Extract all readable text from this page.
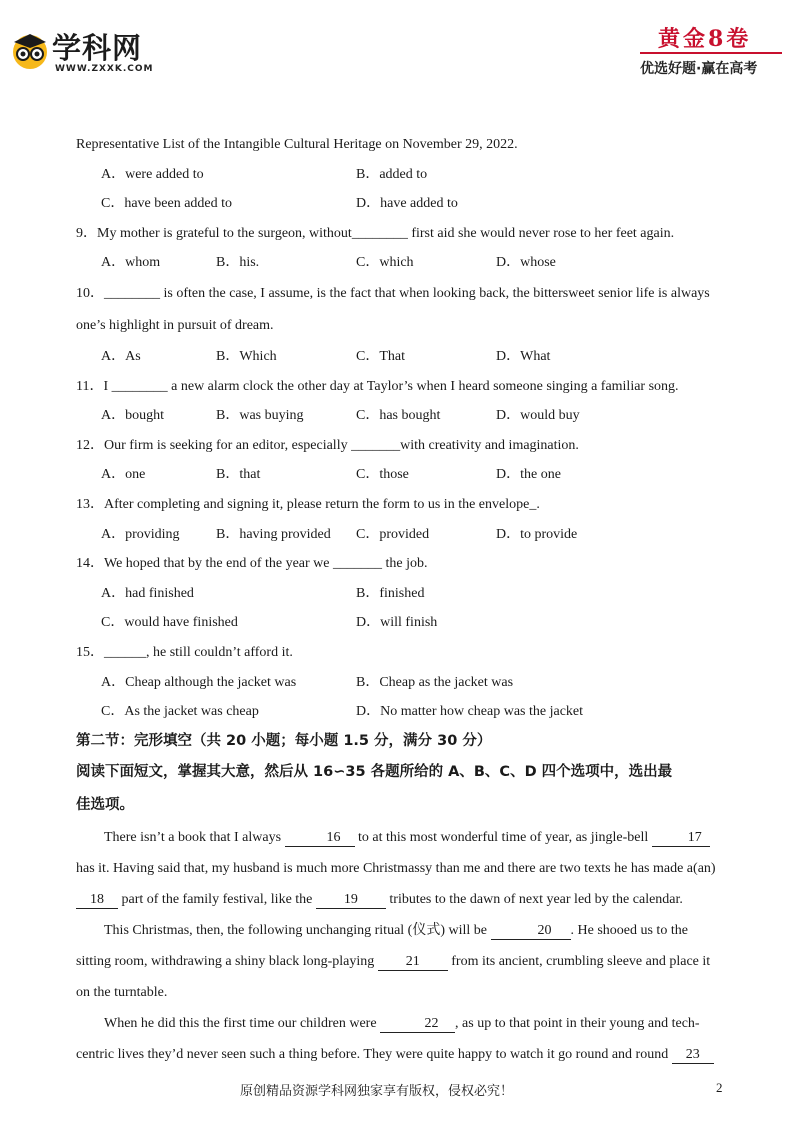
学科网
WWW.ZXXK.COM
黄金8卷
优选好题·赢在高考
Representative List of the Intangible Cultural Heritage on November 29, 2022.
A．were added to	B．added to
C．have been added to	D．have added to
9．My mother is grateful to the surgeon, without________ first aid she would never rose to her feet again.
A．whom	B．his.	C．which	D．whose
10．________ is often the case, I assume, is the fact that when looking back, the bittersweet senior life is always
one’s highlight in pursuit of dream.
A．As	B．Which	C．That	D．What
11．I ________ a new alarm clock the other day at Taylor’s when I heard someone singing a familiar song.
A．bought	B．was buying	C．has bought	D．would buy
12．Our firm is seeking for an editor, especially _______with creativity and imagination.
A．one	B．that	C．those	D．the one
13．After completing and signing it, please return the form to us in the envelope_.
A．providing	B．having provided C．provided	D．to provide
14．We hoped that by the end of the year we _______ the job.
A．had finished	B．finished
C．would have finished	D．will finish
15．______, he still couldn’t afford it.
A．Cheap although the jacket was	B．Cheap as the jacket was
C．As the jacket was cheap	D．No matter how cheap was the jacket
第二节：完形填空（共 20 小题；每小题 1.5 分，满分 30 分）
阅读下面短文，掌握其大意，然后从 16∽35 各题所给的 A、B、C、D 四个选项中，选出最
佳选项。
There isn’t a book that I always	16 to at this most wonderful time of year, as jingle-bell	17
has it. Having said that, my husband is much more Christmassy than me and there are two texts he has made a(an)
18 part of the family festival, like the 19 tributes to the dawn of next year led by the calendar.
This Christmas, then, the following unchanging ritual (仪式) will be	20 . He shooed us to the
sitting room, withdrawing a shiny black long-playing 21 from its ancient, crumbling sleeve and place it
on the turntable.
When he did this the first time our children were	22 , as up to that point in their young and tech-
centric lives they’d never seen such a thing before. They were quite happy to watch it go round and round 23
原创精品资源学科网独家享有版权，侵权必究！	2
